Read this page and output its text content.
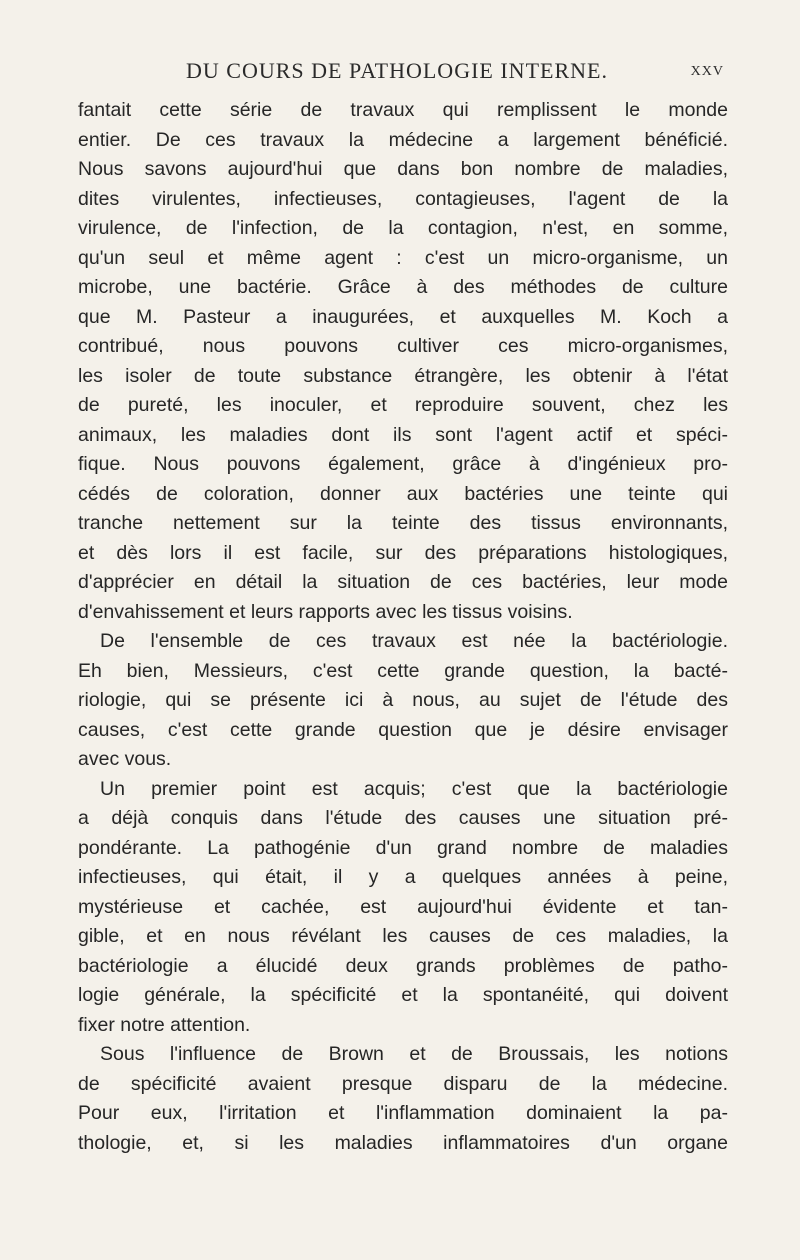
DU COURS DE PATHOLOGIE INTERNE.	XXV
fantait cette série de travaux qui remplissent le monde
entier. De ces travaux la médecine a largement bénéficié.
Nous savons aujourd'hui que dans bon nombre de maladies,
dites virulentes, infectieuses, contagieuses, l'agent de la
virulence, de l'infection, de la contagion, n'est, en somme,
qu'un seul et même agent : c'est un micro-organisme, un
microbe, une bactérie. Grâce à des méthodes de culture
que M. Pasteur a inaugurées, et auxquelles M. Koch a
contribué, nous pouvons cultiver ces micro-organismes,
les isoler de toute substance étrangère, les obtenir à l'état
de pureté, les inoculer, et reproduire souvent, chez les
animaux, les maladies dont ils sont l'agent actif et spéci-
fique. Nous pouvons également, grâce à d'ingénieux pro-
cédés de coloration, donner aux bactéries une teinte qui
tranche nettement sur la teinte des tissus environnants,
et dès lors il est facile, sur des préparations histologiques,
d'apprécier en détail la situation de ces bactéries, leur mode
d'envahissement et leurs rapports avec les tissus voisins.
De l'ensemble de ces travaux est née la bactériologie.
Eh bien, Messieurs, c'est cette grande question, la bacté-
riologie, qui se présente ici à nous, au sujet de l'étude des
causes, c'est cette grande question que je désire envisager
avec vous.
Un premier point est acquis; c'est que la bactériologie
a déjà conquis dans l'étude des causes une situation pré-
pondérante. La pathogénie d'un grand nombre de maladies
infectieuses, qui était, il y a quelques années à peine,
mystérieuse et cachée, est aujourd'hui évidente et tan-
gible, et en nous révélant les causes de ces maladies, la
bactériologie a élucidé deux grands problèmes de patho-
logie générale, la spécificité et la spontanéité, qui doivent
fixer notre attention.
Sous l'influence de Brown et de Broussais, les notions
de spécificité avaient presque disparu de la médecine.
Pour eux, l'irritation et l'inflammation dominaient la pa-
thologie, et, si les maladies inflammatoires d'un organe
